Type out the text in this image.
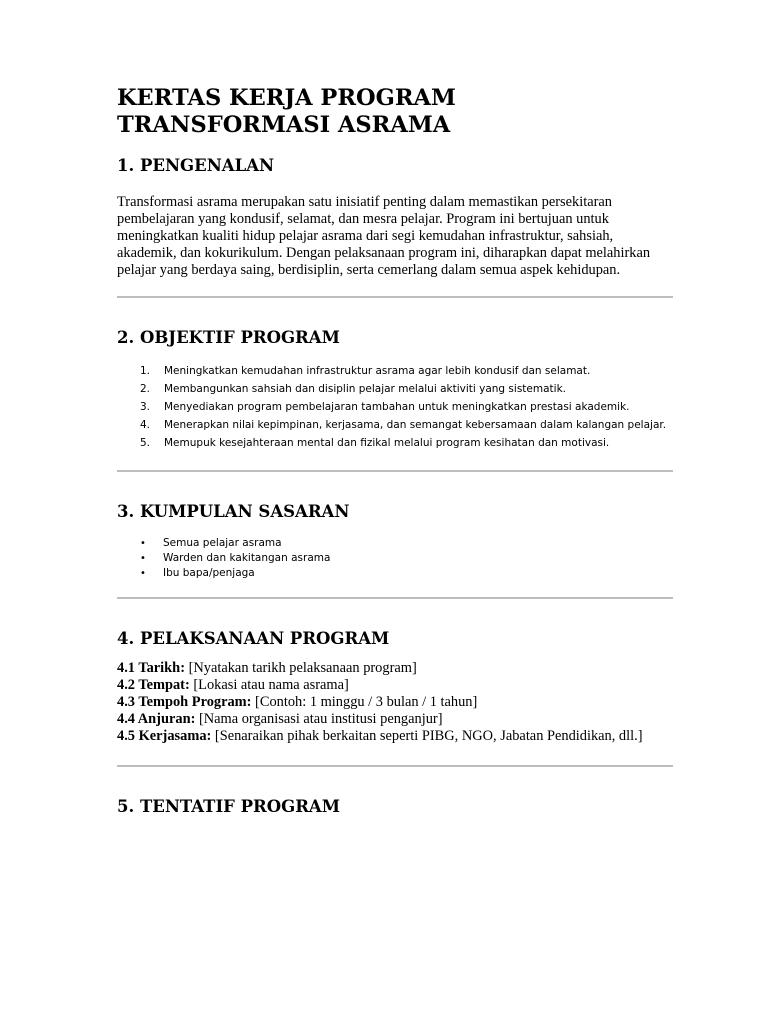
KERTAS KERJA PROGRAM
TRANSFORMASI ASRAMA
1. PENGENALAN

Transformasi asrama merupakan satu inisiatif penting dalam memastikan persekitaran pembelajaran yang kondusif, selamat, dan mesra pelajar. Program ini bertujuan untuk meningkatkan kualiti hidup pelajar asrama dari segi kemudahan infrastruktur, sahsiah, akademik, dan kokurikulum. Dengan pelaksanaan program ini, diharapkan dapat melahirkan pelajar yang berdaya saing, berdisiplin, serta cemerlang dalam semua aspek kehidupan.

2. OBJEKTIF PROGRAM
1. Meningkatkan kemudahan infrastruktur asrama agar lebih kondusif dan selamat.
2. Membangunkan sahsiah dan disiplin pelajar melalui aktiviti yang sistematik.
3. Menyediakan program pembelajaran tambahan untuk meningkatkan prestasi akademik.
4. Menerapkan nilai kepimpinan, kerjasama, dan semangat kebersamaan dalam kalangan pelajar.
5. Memupuk kesejahteraan mental dan fizikal melalui program kesihatan dan motivasi.
3. KUMPULAN SASARAN
• Semua pelajar asrama
• Warden dan kakitangan asrama
• Ibu bapa/penjaga
4. PELAKSANAAN PROGRAM

4.1 Tarikh: [Nyatakan tarikh pelaksanaan program]

4.2 Tempat: [Lokasi atau nama asrama]

4.3 Tempoh Program: [Contoh: 1 minggu / 3 bulan / 1 tahun]

4.4 Anjuran: [Nama organisasi atau institusi penganjur]

4.5 Kerjasama: [Senaraikan pihak berkaitan seperti PIBG, NGO, Jabatan Pendidikan, dll.]

5. TENTATIF PROGRAM
